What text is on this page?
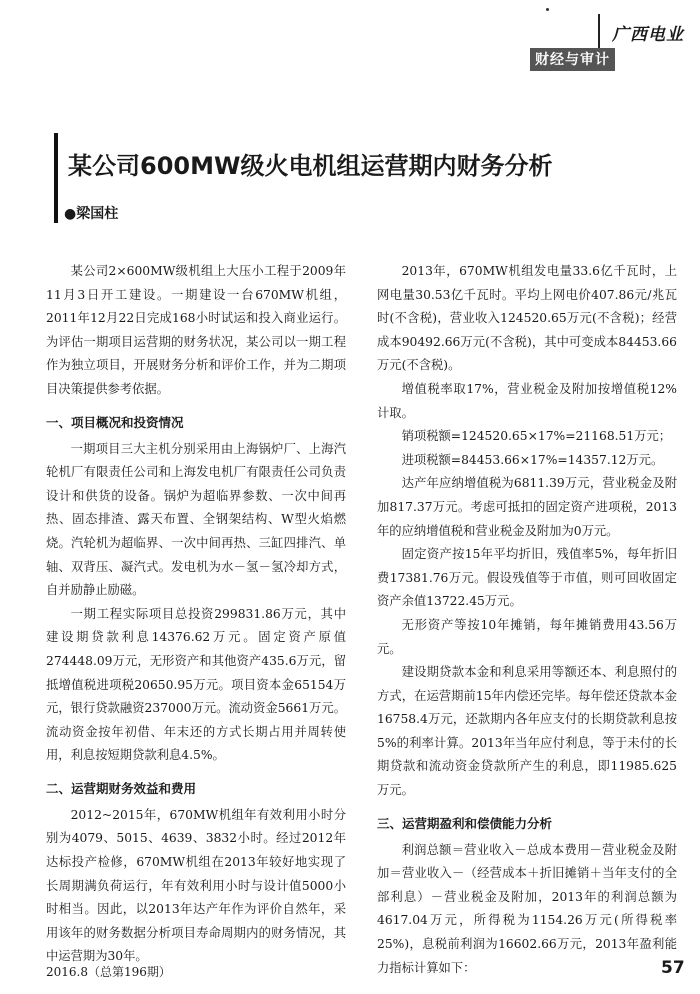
广西电业
财经与审计
某公司600MW级火电机组运营期内财务分析
●梁国柱

某公司2×600MW级机组上大压小工程于2009年11月3日开工建设。一期建设一台670MW机组，2011年12月22日完成168小时试运和投入商业运行。为评估一期项目运营期的财务状况，某公司以一期工程作为独立项目，开展财务分析和评价工作，并为二期项目决策提供参考依据。

一、项目概况和投资情况

一期项目三大主机分别采用由上海锅炉厂、上海汽轮机厂有限责任公司和上海发电机厂有限责任公司负责设计和供货的设备。锅炉为超临界参数、一次中间再热、固态排渣、露天布置、全钢架结构、W型火焰燃烧。汽轮机为超临界、一次中间再热、三缸四排汽、单轴、双背压、凝汽式。发电机为水－氢－氢冷却方式，自并励静止励磁。

一期工程实际项目总投资299831.86万元，其中建设期贷款利息14376.62万元。固定资产原值274448.09万元，无形资产和其他资产435.6万元，留抵增值税进项税20650.95万元。项目资本金65154万元，银行贷款融资237000万元。流动资金5661万元。流动资金按年初借、年末还的方式长期占用并周转使用，利息按短期贷款利息4.5%。

二、运营期财务效益和费用

2012~2015年，670MW机组年有效利用小时分别为4079、5015、4639、3832小时。经过2012年达标投产检修，670MW机组在2013年较好地实现了长周期满负荷运行，年有效利用小时与设计值5000小时相当。因此，以2013年达产年作为评价自然年，采用该年的财务数据分析项目寿命周期内的财务情况，其中运营期为30年。

2013年，670MW机组发电量33.6亿千瓦时，上网电量30.53亿千瓦时。平均上网电价407.86元/兆瓦时(不含税)，营业收入124520.65万元(不含税)；经营成本90492.66万元(不含税)，其中可变成本84453.66万元(不含税)。

增值税率取17%，营业税金及附加按增值税12%计取。

销项税额=124520.65×17%=21168.51万元；

进项税额=84453.66×17%=14357.12万元。

达产年应纳增值税为6811.39万元，营业税金及附加817.37万元。考虑可抵扣的固定资产进项税，2013年的应纳增值税和营业税金及附加为0万元。

固定资产按15年平均折旧，残值率5%，每年折旧费17381.76万元。假设残值等于市值，则可回收固定资产余值13722.45万元。

无形资产等按10年摊销，每年摊销费用43.56万元。

建设期贷款本金和利息采用等额还本、利息照付的方式，在运营期前15年内偿还完毕。每年偿还贷款本金16758.4万元，还款期内各年应支付的长期贷款利息按5%的利率计算。2013年当年应付利息，等于未付的长期贷款和流动资金贷款所产生的利息，即11985.625万元。

三、运营期盈利和偿债能力分析

利润总额＝营业收入－总成本费用－营业税金及附加＝营业收入－（经营成本＋折旧摊销＋当年支付的全部利息）－营业税金及附加，2013年的利润总额为4617.04万元，所得税为1154.26万元(所得税率25%)，息税前利润为16602.66万元，2013年盈利能力指标计算如下：

2016.8（总第196期）	57
